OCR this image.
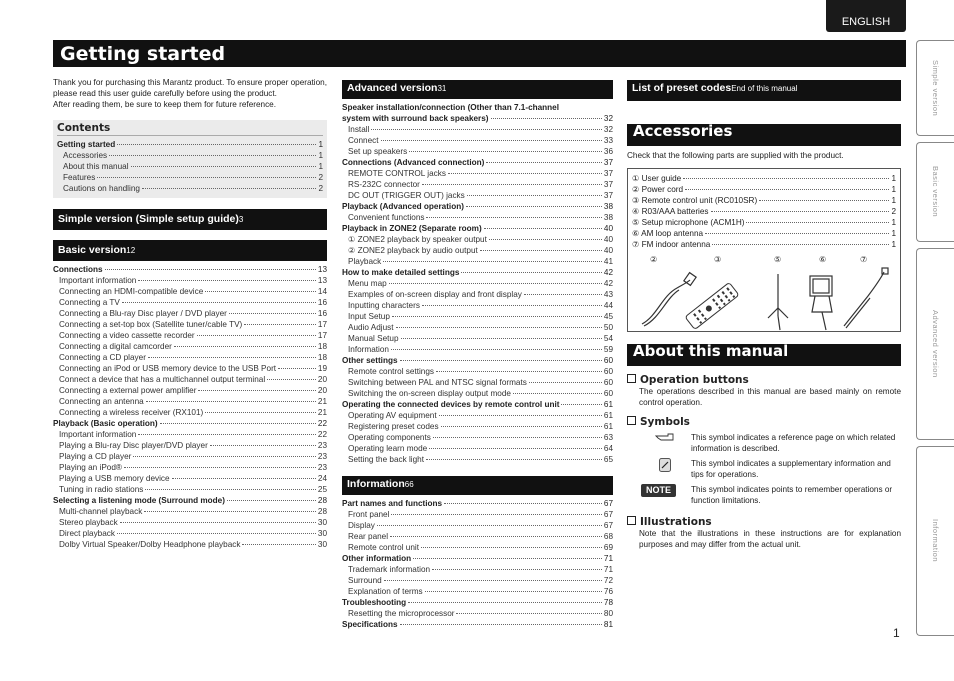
ENGLISH
Getting started
Simple version
Basic version
Advanced version
Information

Thank you for purchasing this Marantz product. To ensure proper operation, please read this user guide carefully before using the product.

After reading them, be sure to keep them for future reference.

Contents
Getting started	1
Accessories	1
About this manual	1
Features	2
Cautions on handling	2
Simple version (Simple setup guide) 3
Basic version 12
Connections	13
Important information	13
Connecting an HDMI-compatible device	14
Connecting a TV	16
Connecting a Blu-ray Disc player / DVD player	16
Connecting a set-top box (Satellite tuner/cable TV)	17
Connecting a video cassette recorder	17
Connecting a digital camcorder	18
Connecting a CD player	18
Connecting an iPod or USB memory device to the USB Port	19
Connect a device that has a multichannel output terminal	20
Connecting a external power amplifier	20
Connecting an antenna	21
Connecting a wireless receiver (RX101)	21
Playback (Basic operation)	22
Important information	22
Playing a Blu-ray Disc player/DVD player	23
Playing a CD player	23
Playing an iPod®	23
Playing a USB memory device	24
Tuning in radio stations	25
Selecting a listening mode (Surround mode)	28
Multi-channel playback	28
Stereo playback	30
Direct playback	30
Dolby Virtual Speaker/Dolby Headphone playback	30
Advanced version 31
Speaker installation/connection (Other than 7.1-channel
system with surround back speakers)	32
Install	32
Connect	33
Set up speakers	36
Connections (Advanced connection)	37
REMOTE CONTROL jacks	37
RS-232C connector	37
DC OUT (TRIGGER OUT) jacks	37
Playback (Advanced operation)	38
Convenient functions	38
Playback in ZONE2 (Separate room)	40
① ZONE2 playback by speaker output	40
② ZONE2 playback by audio output	40
Playback	41
How to make detailed settings	42
Menu map	42
Examples of on-screen display and front display	43
Inputting characters	44
Input Setup	45
Audio Adjust	50
Manual Setup	54
Information	59
Other settings	60
Remote control settings	60
Switching between PAL and NTSC signal formats	60
Switching the on-screen display output mode	60
Operating the connected devices by remote control unit	61
Operating AV equipment	61
Registering preset codes	61
Operating components	63
Operating learn mode	64
Setting the back light	65
Information 66
Part names and functions	67
Front panel	67
Display	67
Rear panel	68
Remote control unit	69
Other information	71
Trademark information	71
Surround	72
Explanation of terms	76
Troubleshooting	78
Resetting the microprocessor	80
Specifications	81
List of preset codes End of this manual
Accessories

Check that the following parts are supplied with the product.

① User guide	1
② Power cord	1
③ Remote control unit (RC010SR)	1
④ R03/AAA batteries	2
⑤ Setup microphone (ACM1H)	1
⑥ AM loop antenna	1
⑦ FM indoor antenna	1
②	③	⑤	⑥	⑦
About this manual
Operation buttons

The operations described in this manual are based mainly on remote control operation.

Symbols
This symbol indicates a reference page on which related information is described.
This symbol indicates a supplementary information and tips for operations.
NOTE	This symbol indicates points to remember operations or function limitations.
Illustrations

Note that the illustrations in these instructions are for explanation purposes and may differ from the actual unit.

1
